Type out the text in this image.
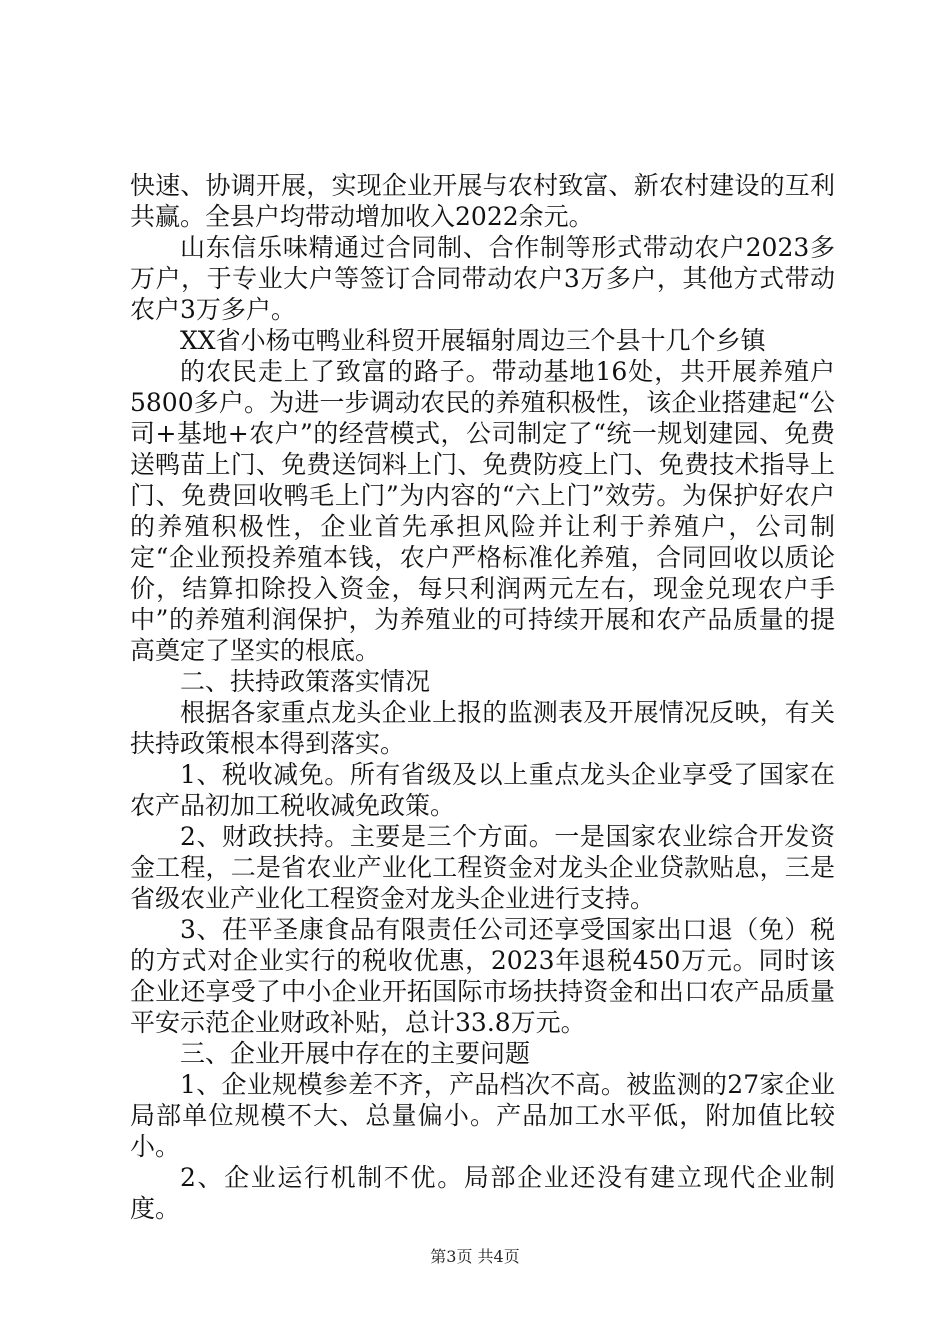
快速、协调开展，实现企业开展与农村致富、新农村建设的互利共赢。全县户均带动增加收入2022余元。

山东信乐味精通过合同制、合作制等形式带动农户2023多万户，于专业大户等签订合同带动农户3万多户，其他方式带动农户3万多户。

XX省小杨屯鸭业科贸开展辐射周边三个县十几个乡镇

的农民走上了致富的路子。带动基地16处，共开展养殖户5800多户。为进一步调动农民的养殖积极性，该企业搭建起“公司+基地+农户”的经营模式，公司制定了“统一规划建园、免费送鸭苗上门、免费送饲料上门、免费防疫上门、免费技术指导上门、免费回收鸭毛上门”为内容的“六上门”效劳。为保护好农户的养殖积极性，企业首先承担风险并让利于养殖户，公司制定“企业预投养殖本钱，农户严格标准化养殖，合同回收以质论价，结算扣除投入资金，每只利润两元左右，现金兑现农户手中”的养殖利润保护，为养殖业的可持续开展和农产品质量的提高奠定了坚实的根底。

二、扶持政策落实情况

根据各家重点龙头企业上报的监测表及开展情况反映，有关扶持政策根本得到落实。

1、税收减免。所有省级及以上重点龙头企业享受了国家在农产品初加工税收减免政策。

2、财政扶持。主要是三个方面。一是国家农业综合开发资金工程，二是省农业产业化工程资金对龙头企业贷款贴息，三是省级农业产业化工程资金对龙头企业进行支持。

3、茌平圣康食品有限责任公司还享受国家出口退（免）税的方式对企业实行的税收优惠，2023年退税450万元。同时该企业还享受了中小企业开拓国际市场扶持资金和出口农产品质量平安示范企业财政补贴，总计33.8万元。

三、企业开展中存在的主要问题

1、企业规模参差不齐，产品档次不高。被监测的27家企业局部单位规模不大、总量偏小。产品加工水平低，附加值比较小。

2、企业运行机制不优。局部企业还没有建立现代企业制度。

第3页 共4页
